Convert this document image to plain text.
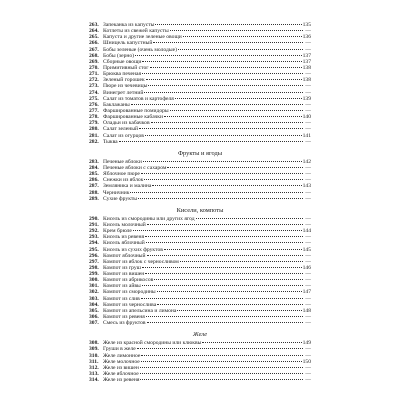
263. Запеканка из капусты	135
264. Котлеты из свежей капусты	—
265. Капуста и другие зеленые овощи	136
266. Шницель капустный	—
267. Бобы зеленые (очень молодые)	—
268. Бобы (зерно)	137
269. Сборные овощи	137
270. Примитивный стог	138
271. Брюква печеная	—
272. Зеленый горошек	138
273. Пюре из чечевицы	—
274. Винегрет летний	—
275. Салат из томатов и картофеля	139
276. Баклажаны	—
277. Фаршированные помидоры	—
278. Фаршированные кабачки	140
279. Оладьи из кабачков	—
280. Салат зеленый	—
281. Салат из огурцов	141
282. Тыква	—
Фрукты и ягоды
283. Печеные яблоки	142
284. Печеные яблоки с сахаром	—
285. Яблочное пюре	—
286. Снежки из яблок	—
287. Земляника и малина	143
288. Черничник	—
289. Сухие фрукты	—
Кисели, компоты
290. Кисель из смородины или других ягод	—
291. Кисель молочный	—
292. Крем брюле	144
293. Кисель из ревеня	—
294. Кисель яблочный	—
295. Кисель из сухих фруктов	145
296. Компот яблочный	—
297. Компот из яблок с черносливом	—
298. Компот из груш	146
299. Компот из вишен	—
300. Компот из абрикосов	—
301. Компот из айвы	—
302. Компот из смородины	147
303. Компот из слив	—
304. Компот из чернослива	—
305. Компот из апельсина и лимона	148
306. Компот из ревеня	—
307. Смесь из фруктов	—
Желе
308. Желе из красной смородины или клюквы	149
309. Груши в желе	—
310. Желе лимонное	—
311. Желе молочное	150
312. Желе из вишен	—
313. Желе яблочное	—
314. Желе из ревеня	—
